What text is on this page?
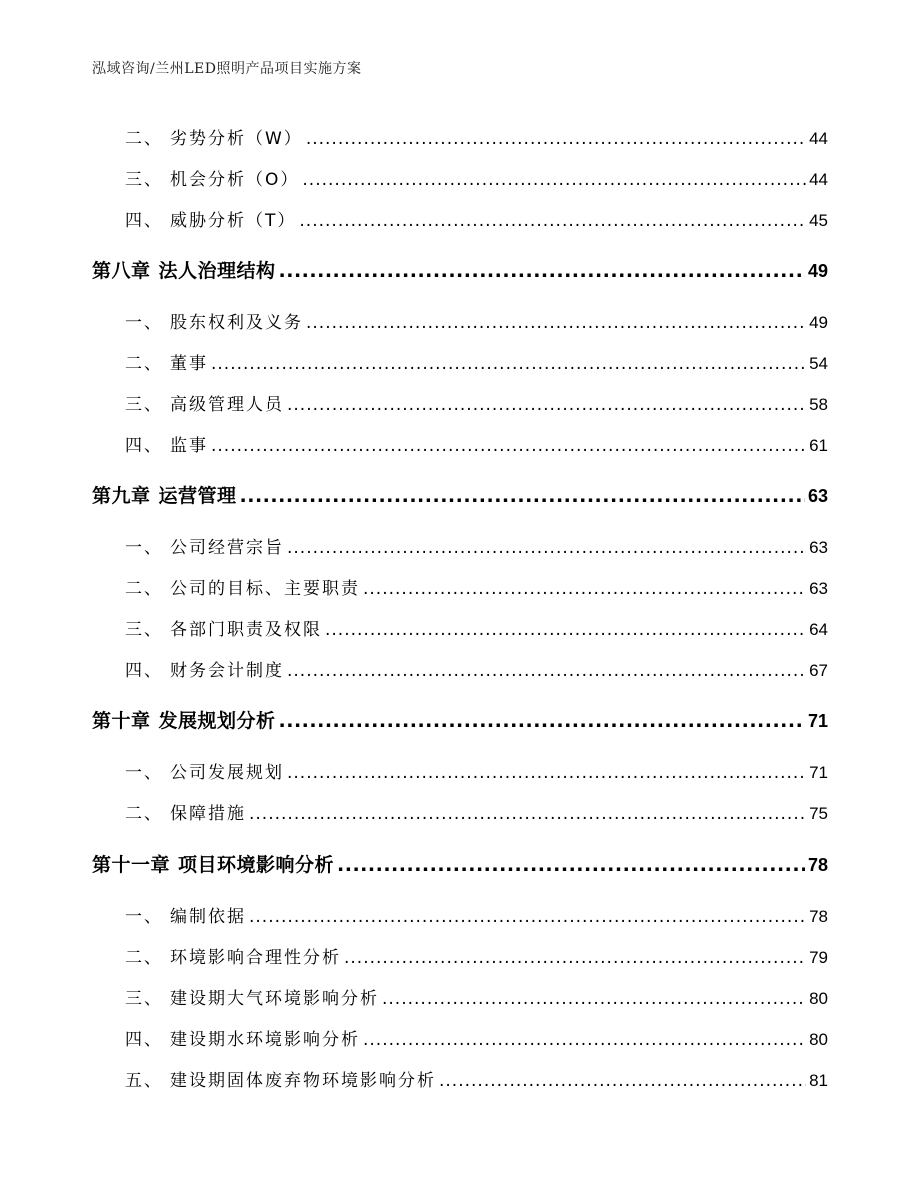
泓域咨询/兰州LED照明产品项目实施方案
二、 劣势分析（W） .....	44
三、 机会分析（O） .....	44
四、 威胁分析（T） .....	45
第八章 法人治理结构 .....	49
一、 股东权利及义务 .....	49
二、 董事 .....	54
三、 高级管理人员 .....	58
四、 监事 .....	61
第九章 运营管理 .....	63
一、 公司经营宗旨 .....	63
二、 公司的目标、主要职责 .....	63
三、 各部门职责及权限 .....	64
四、 财务会计制度 .....	67
第十章 发展规划分析 .....	71
一、 公司发展规划 .....	71
二、 保障措施 .....	75
第十一章 项目环境影响分析 .....	78
一、 编制依据 .....	78
二、 环境影响合理性分析 .....	79
三、 建设期大气环境影响分析 .....	80
四、 建设期水环境影响分析 .....	80
五、 建设期固体废弃物环境影响分析 .....	81
